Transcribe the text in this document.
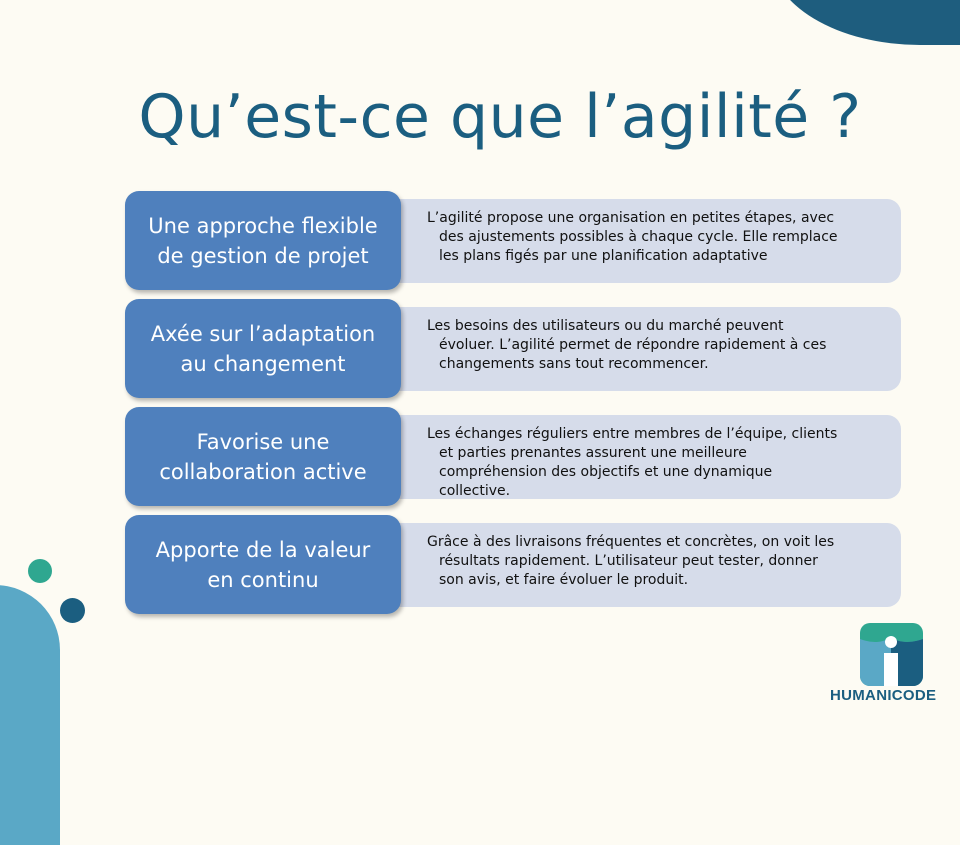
Qu’est-ce que l’agilité ?
L’agilité propose une organisation en petites étapes, avec
des ajustements possibles à chaque cycle. Elle remplace
les plans figés par une planification adaptative
Une approche flexible
de gestion de projet
Les besoins des utilisateurs ou du marché peuvent
évoluer. L’agilité permet de répondre rapidement à ces
changements sans tout recommencer.
Axée sur l’adaptation
au changement
Les échanges réguliers entre membres de l’équipe, clients
et parties prenantes assurent une meilleure
compréhension des objectifs et une dynamique
collective.
Favorise une
collaboration active
Grâce à des livraisons fréquentes et concrètes, on voit les
résultats rapidement. L’utilisateur peut tester, donner
son avis, et faire évoluer le produit.
Apporte de la valeur
en continu
HUMANICODE
